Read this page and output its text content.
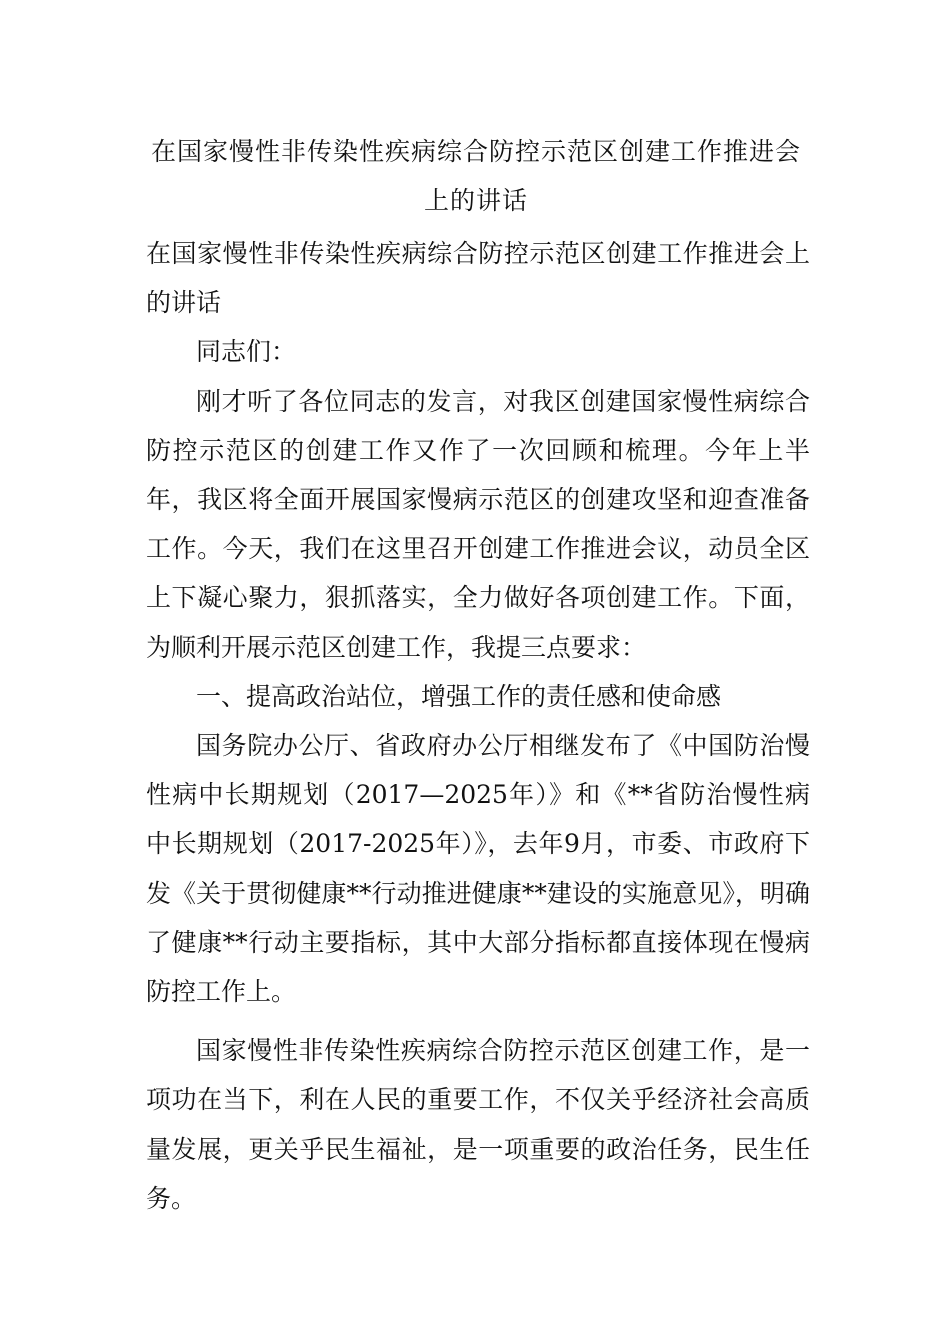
在国家慢性非传染性疾病综合防控示范区创建工作推进会
上的讲话

在国家慢性非传染性疾病综合防控示范区创建工作推进会上的讲话

同志们：

刚才听了各位同志的发言，对我区创建国家慢性病综合防控示范区的创建工作又作了一次回顾和梳理。今年上半年，我区将全面开展国家慢病示范区的创建攻坚和迎查准备工作。今天，我们在这里召开创建工作推进会议，动员全区上下凝心聚力，狠抓落实，全力做好各项创建工作。下面，为顺利开展示范区创建工作，我提三点要求：

一、提高政治站位，增强工作的责任感和使命感

国务院办公厅、省政府办公厅相继发布了《中国防治慢性病中长期规划（2017—2025年）》和《**省防治慢性病中长期规划（2017-2025年）》，去年9月，市委、市政府下发《关于贯彻健康**行动推进健康**建设的实施意见》，明确了健康**行动主要指标，其中大部分指标都直接体现在慢病防控工作上。

国家慢性非传染性疾病综合防控示范区创建工作，是一项功在当下，利在人民的重要工作，不仅关乎经济社会高质量发展，更关乎民生福祉，是一项重要的政治任务，民生任务。
